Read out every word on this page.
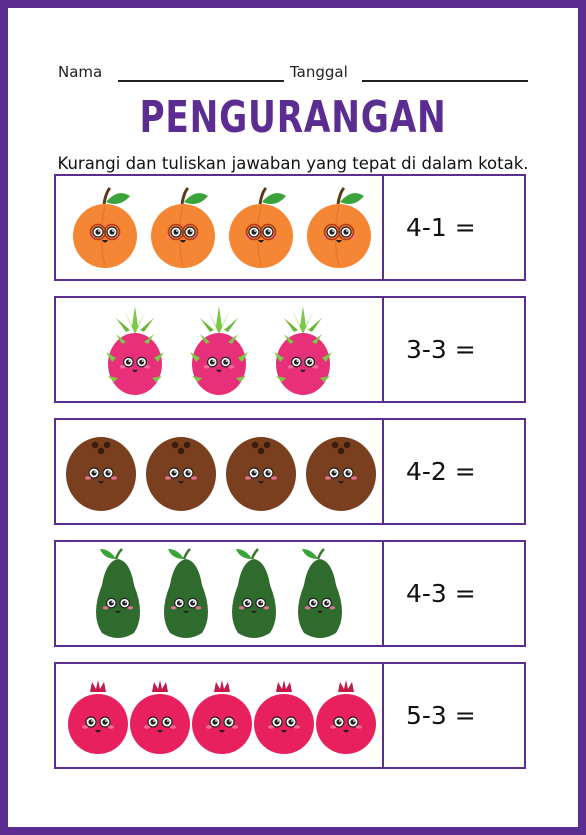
Nama	Tanggal
PENGURANGAN
Kurangi dan tuliskan jawaban yang tepat di dalam kotak.
4-1 =
3-3 =
4-2 =
4-3 =
5-3 =
